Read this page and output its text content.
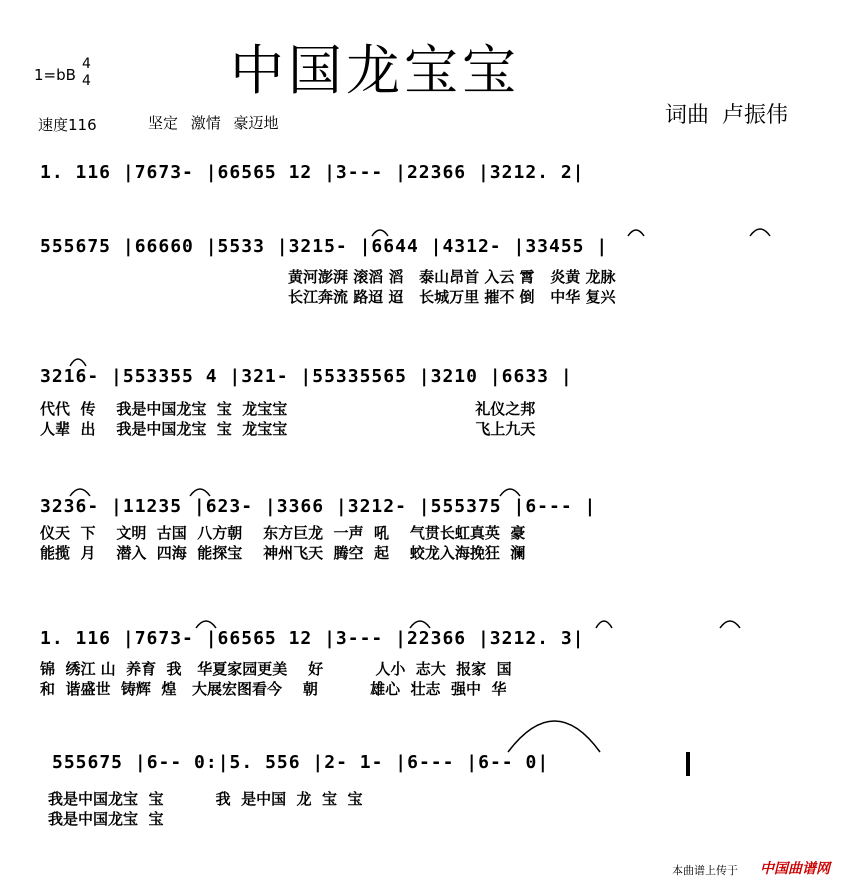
中国龙宝宝
1=bB
4
4
速度116	坚定 激情 豪迈地	词曲 卢振伟
1. 116 |7673- |66565 12 |3--- |22366 |3212. 2|
555675 |66660 |5533 |3215- |6644 |4312- |33455 |
黄河澎湃 滚滔 滔   泰山昂首 入云 霄   炎黄 龙脉
长江奔流 路迢 迢   长城万里 摧不 倒   中华 复兴
3216- |553355 4 |321- |55335565 |3210 |6633 |
代代  传    我是中国龙宝  宝  龙宝宝                                    礼仪之邦
人辈  出    我是中国龙宝  宝  龙宝宝                                    飞上九天
3236- |11235 |623- |3366 |3212- |555375 |6--- |
仪天  下    文明  古国  八方朝    东方巨龙  一声  吼    气贯长虹真英  豪
能揽  月    潜入  四海  能探宝    神州飞天  腾空  起    蛟龙入海挽狂  澜
1. 116 |7673- |66565 12 |3--- |22366 |3212. 3|
锦  绣江 山  养育  我   华夏家园更美    好          人小  志大  报家  国
和  谐盛世  铸辉  煌   大展宏图看今    朝          雄心  壮志  强中  华
555675 |6-- 0:|5. 556 |2- 1- |6--- |6-- 0|
我是中国龙宝  宝          我  是中国  龙  宝  宝
我是中国龙宝  宝
本曲谱上传于 中国曲谱网
